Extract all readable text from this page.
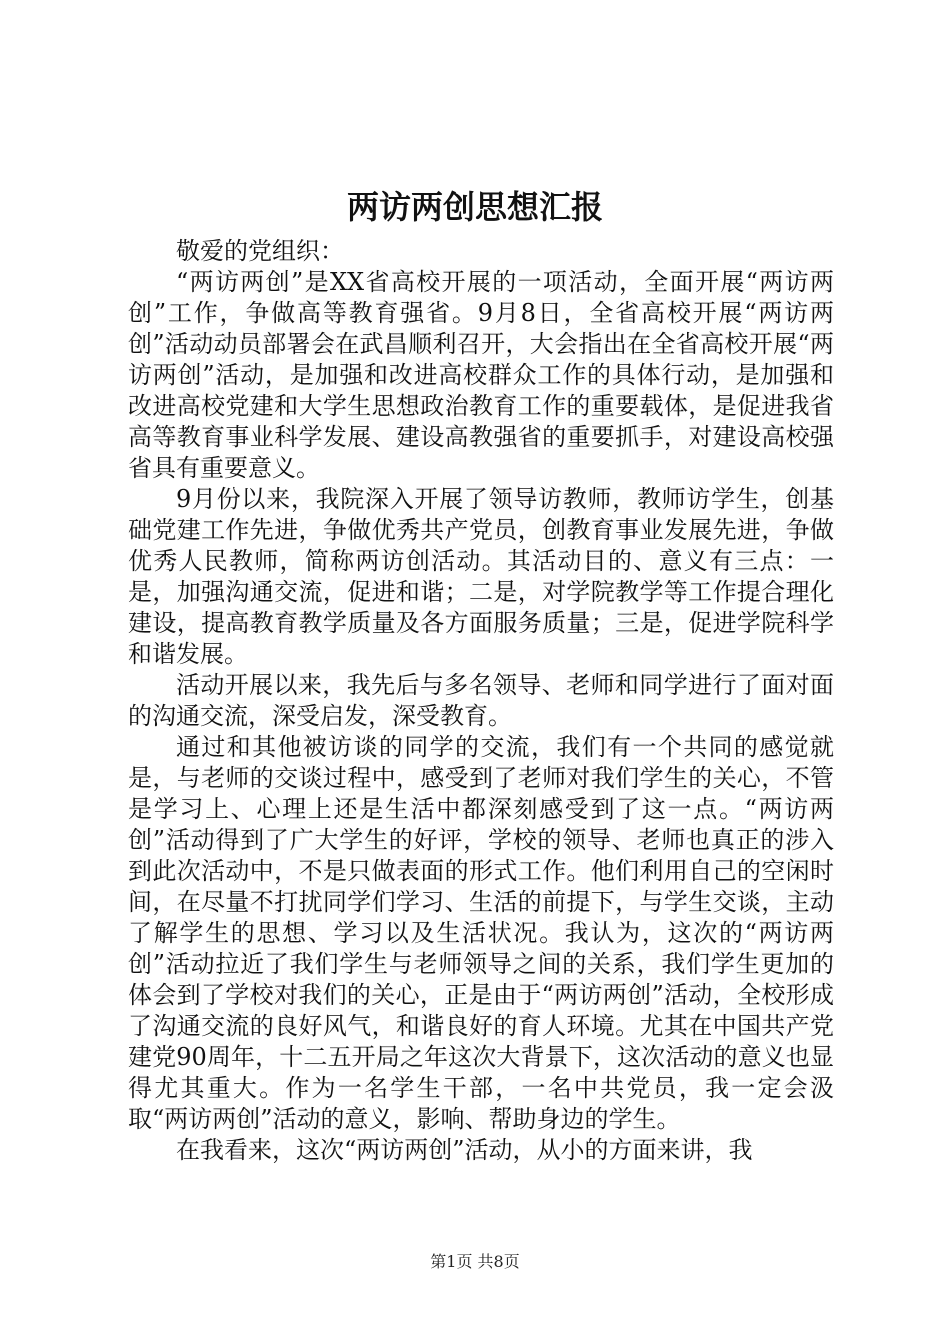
两访两创思想汇报

敬爱的党组织：

“两访两创”是XX省高校开展的一项活动，全面开展“两访两创”工作，争做高等教育强省。9月8日，全省高校开展“两访两创”活动动员部署会在武昌顺利召开，大会指出在全省高校开展“两访两创”活动，是加强和改进高校群众工作的具体行动，是加强和改进高校党建和大学生思想政治教育工作的重要载体，是促进我省高等教育事业科学发展、建设高教强省的重要抓手，对建设高校强省具有重要意义。

9月份以来，我院深入开展了领导访教师，教师访学生，创基础党建工作先进，争做优秀共产党员，创教育事业发展先进，争做优秀人民教师，简称两访创活动。其活动目的、意义有三点：一是，加强沟通交流，促进和谐；二是，对学院教学等工作提合理化建设，提高教育教学质量及各方面服务质量；三是，促进学院科学和谐发展。

活动开展以来，我先后与多名领导、老师和同学进行了面对面的沟通交流，深受启发，深受教育。

通过和其他被访谈的同学的交流，我们有一个共同的感觉就是，与老师的交谈过程中，感受到了老师对我们学生的关心，不管是学习上、心理上还是生活中都深刻感受到了这一点。“两访两创”活动得到了广大学生的好评，学校的领导、老师也真正的涉入到此次活动中，不是只做表面的形式工作。他们利用自己的空闲时间，在尽量不打扰同学们学习、生活的前提下，与学生交谈，主动了解学生的思想、学习以及生活状况。我认为，这次的“两访两创”活动拉近了我们学生与老师领导之间的关系，我们学生更加的体会到了学校对我们的关心，正是由于“两访两创”活动，全校形成了沟通交流的良好风气，和谐良好的育人环境。尤其在中国共产党建党90周年，十二五开局之年这次大背景下，这次活动的意义也显得尤其重大。作为一名学生干部，一名中共党员，我一定会汲取“两访两创”活动的意义，影响、帮助身边的学生。

在我看来，这次“两访两创”活动，从小的方面来讲，我

第1页 共8页
